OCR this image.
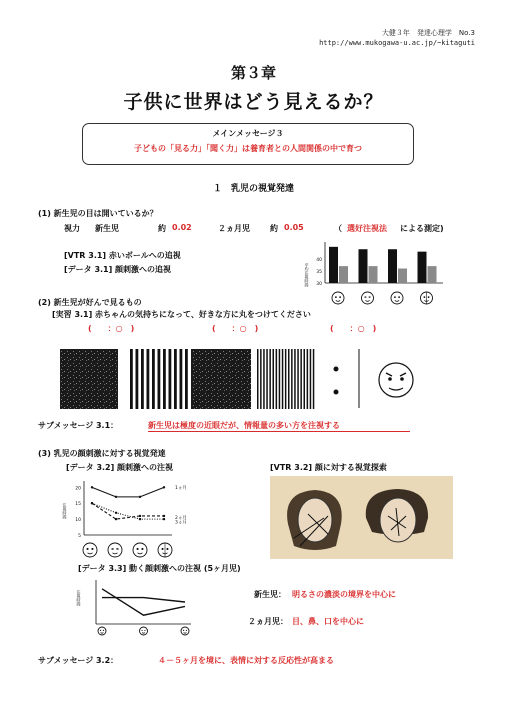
大健３年　発達心理学　No.3
http://www.mukogawa-u.ac.jp/~kitaguti
第３章
子供に世界はどう見えるか？
メインメッセージ３
子どもの「見る力」「聞く力」は養育者との人間関係の中で育つ
１　乳児の視覚発達
(1) 新生児の目は開いているか？
視力 新生児	約 0.02	２ヵ月児	約 0.05	（ 選好注視法 による測定)
[VTR 3.1] 赤いボールへの追視
[データ 3.1] 顔刺激への追視
40
35
30
平均注視時間
(2) 新生児が好んで見るもの
[実習 3.1] 赤ちゃんの気持ちになって、好きな方に丸をつけてください
(　　：○　)	(　　：○　)	(　　：○　)
サブメッセージ 3.1：	新生児は極度の近眼だが、情報量の多い方を注視する
(3) 乳児の顔刺激に対する視覚発達
[データ 3.2] 顔刺激への注視	[VTR 3.2] 顔に対する視覚探索
20
15
10
5
注視時間
1ヵ月
2ヵ月
3ヵ月
[データ 3.3] 動く顔刺激への注視 (5ヶ月児)
注視時間	新生児： 明るさの濃淡の境界を中心に
２ヵ月児： 目、鼻、口を中心に
サブメッセージ 3.2：	４－５ヶ月を境に、表情に対する反応性が高まる
